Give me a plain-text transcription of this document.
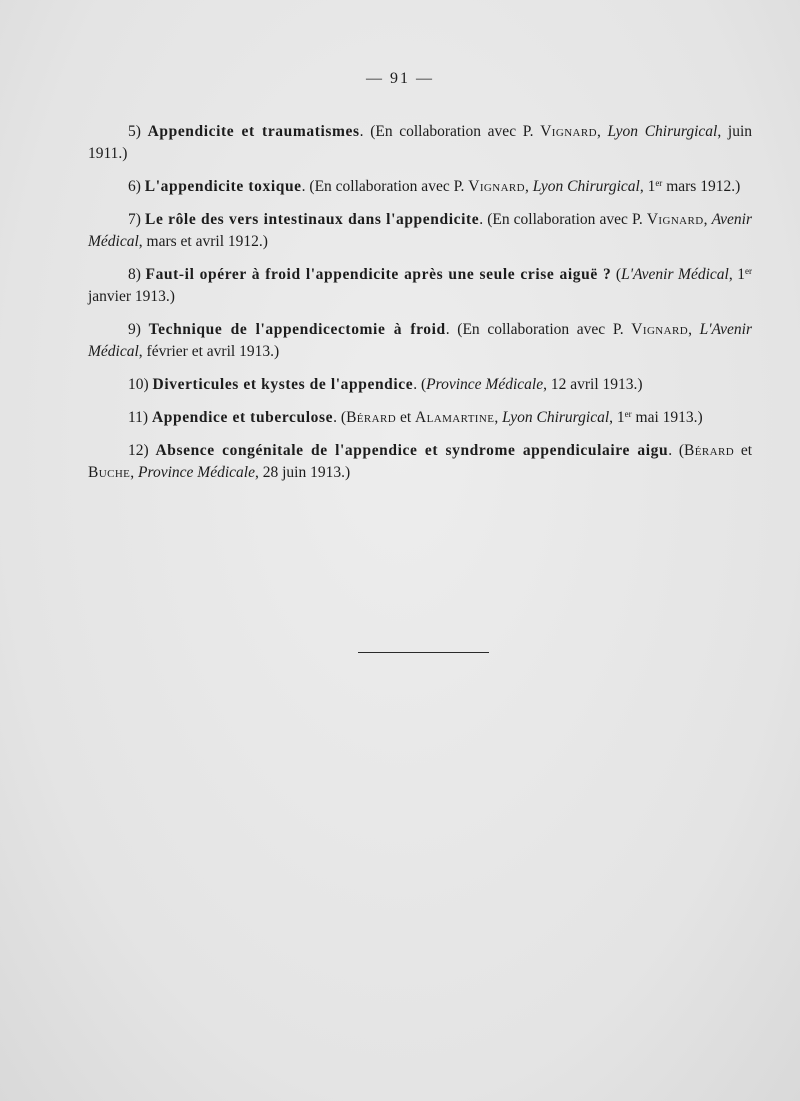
— 91 —

5) Appendicite et traumatismes. (En collaboration avec P. Vignard, Lyon Chirurgical, juin 1911.)

6) L'appendicite toxique. (En collaboration avec P. Vignard, Lyon Chirurgical, 1er mars 1912.)

7) Le rôle des vers intestinaux dans l'appendicite. (En collaboration avec P. Vignard, Avenir Médical, mars et avril 1912.)

8) Faut-il opérer à froid l'appendicite après une seule crise aiguë ? (L'Avenir Médical, 1er janvier 1913.)

9) Technique de l'appendicectomie à froid. (En collaboration avec P. Vignard, L'Avenir Médical, février et avril 1913.)

10) Diverticules et kystes de l'appendice. (Province Médicale, 12 avril 1913.)

11) Appendice et tuberculose. (Bérard et Alamartine, Lyon Chirurgical, 1er mai 1913.)

12) Absence congénitale de l'appendice et syndrome appendiculaire aigu. (Bérard et Buche, Province Médicale, 28 juin 1913.)
